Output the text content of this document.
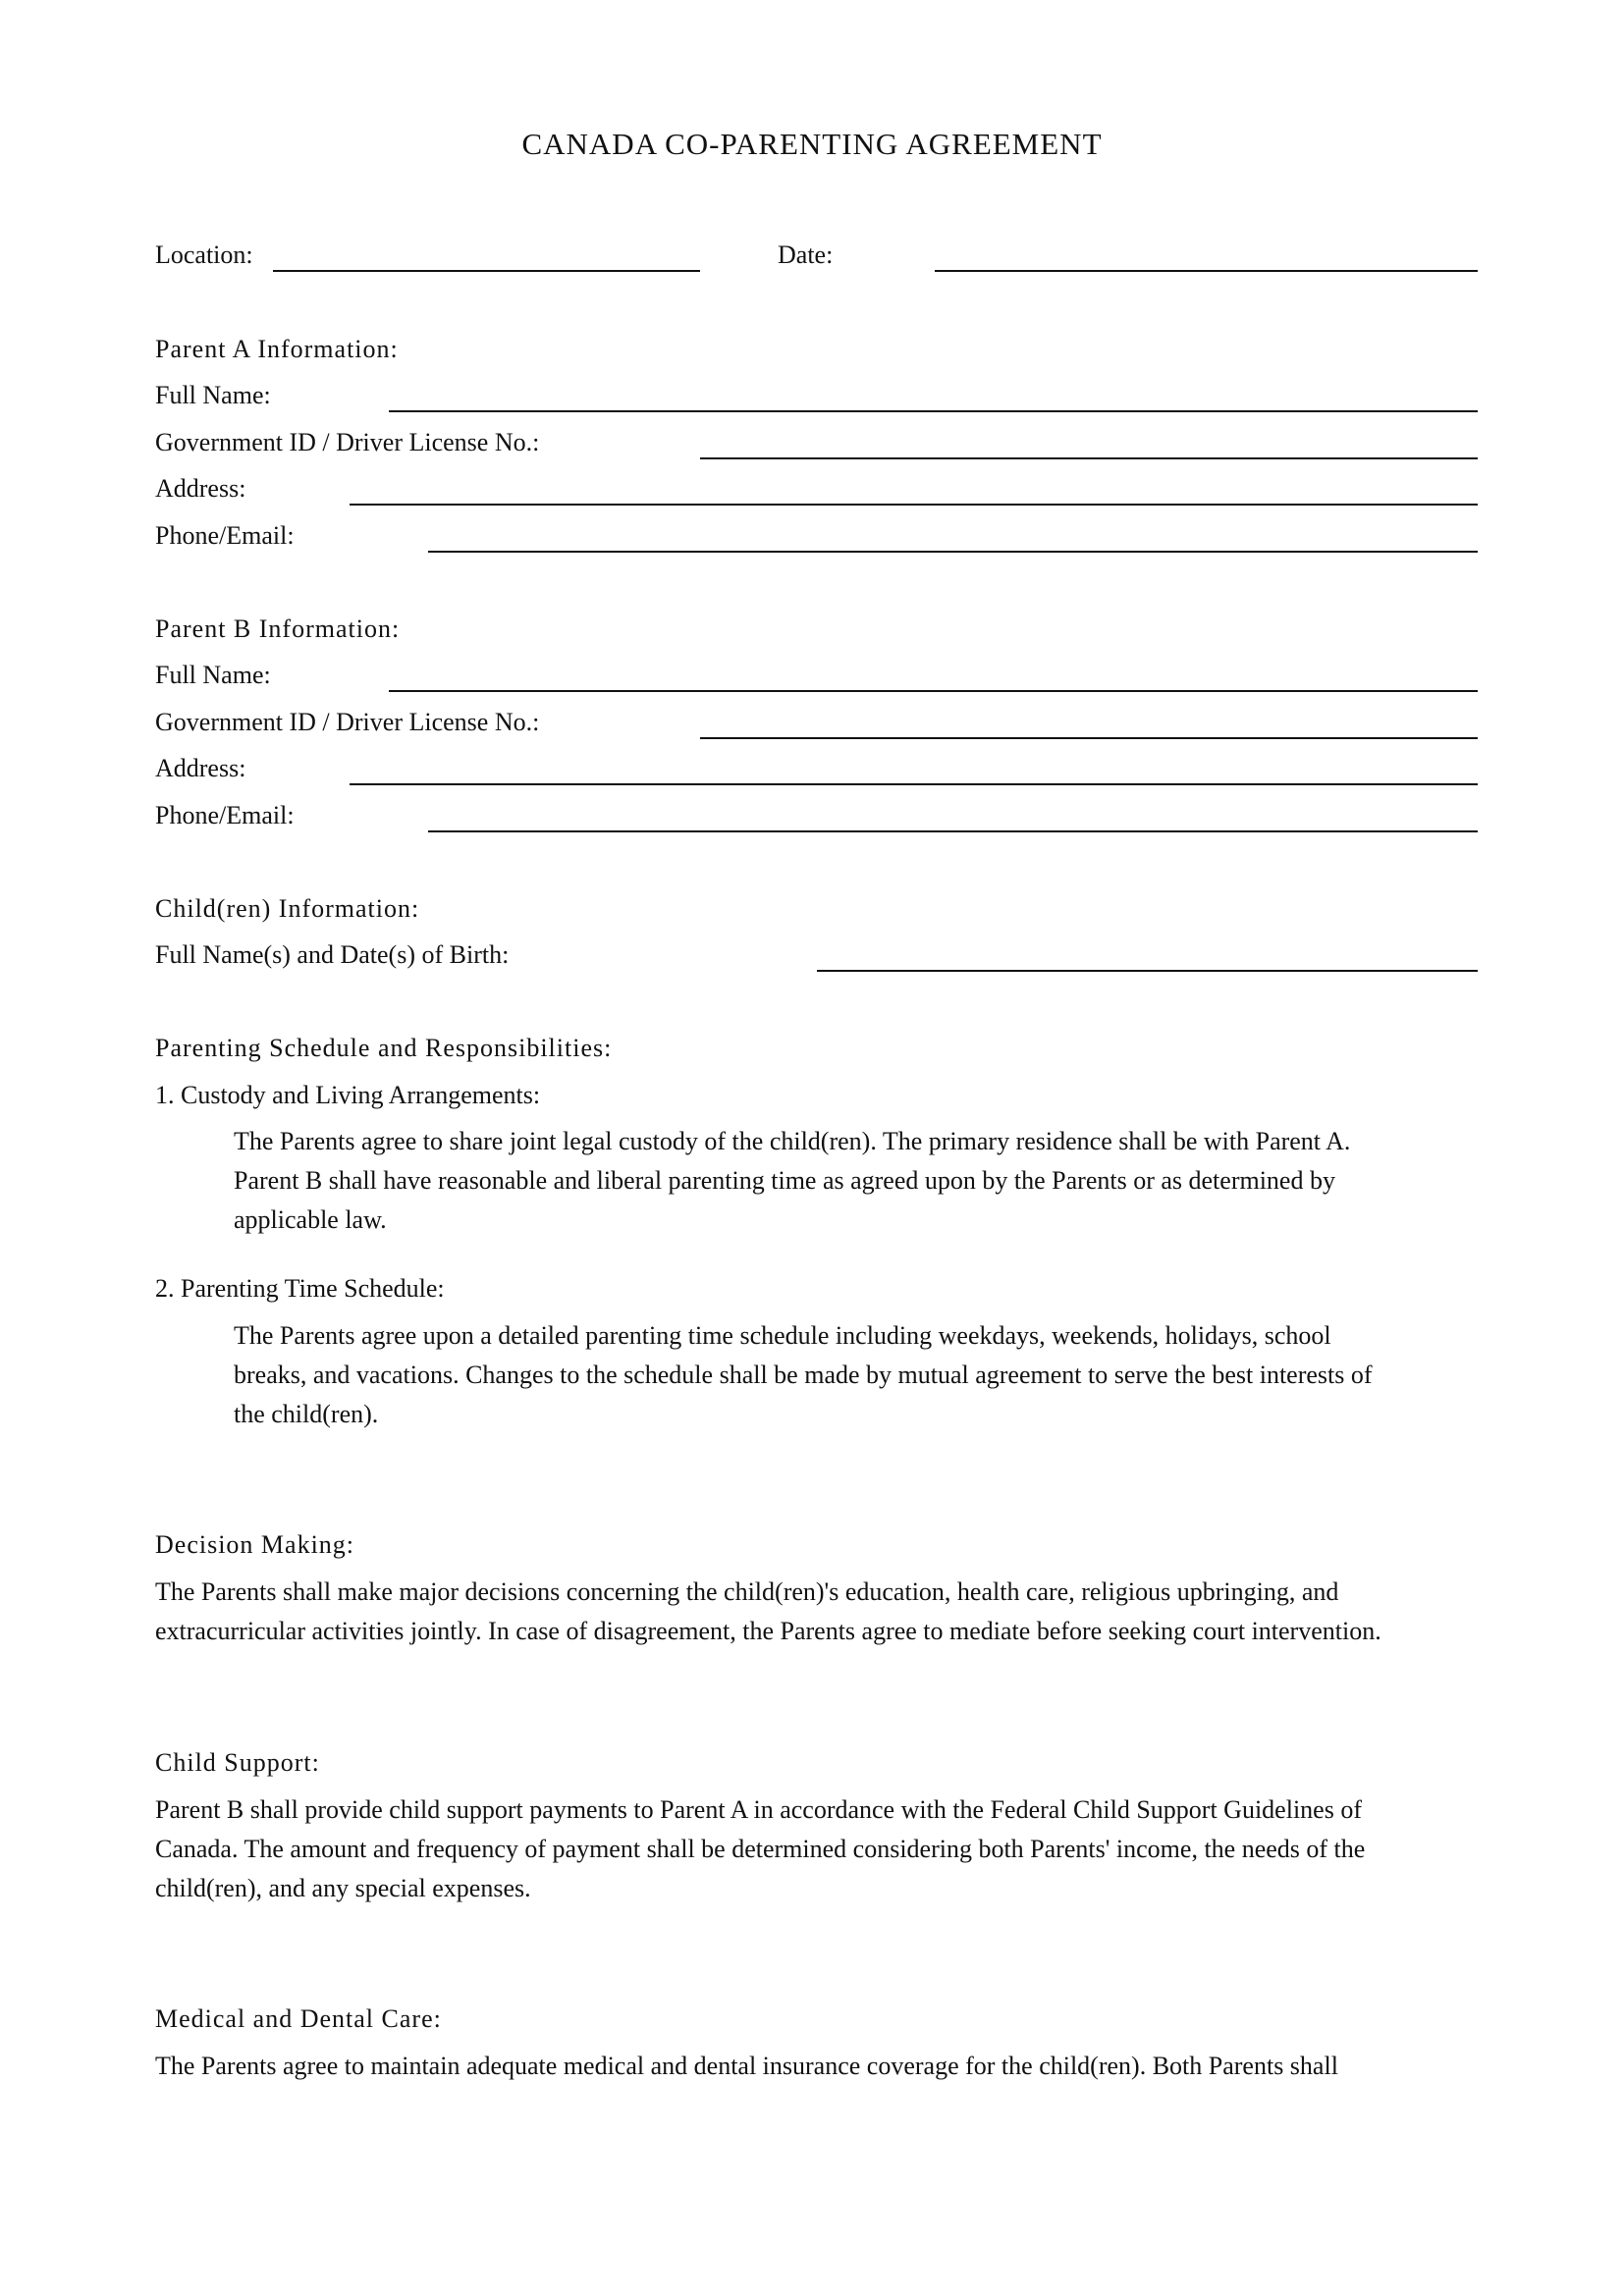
CANADA CO-PARENTING AGREEMENT
Location:	Date:
Parent A Information:
Full Name:
Government ID / Driver License No.:
Address:
Phone/Email:
Parent B Information:
Full Name:
Government ID / Driver License No.:
Address:
Phone/Email:
Child(ren) Information:
Full Name(s) and Date(s) of Birth:
Parenting Schedule and Responsibilities:
1. Custody and Living Arrangements:
The Parents agree to share joint legal custody of the child(ren). The primary residence shall be with Parent A.
Parent B shall have reasonable and liberal parenting time as agreed upon by the Parents or as determined by
applicable law.
2. Parenting Time Schedule:
The Parents agree upon a detailed parenting time schedule including weekdays, weekends, holidays, school
breaks, and vacations. Changes to the schedule shall be made by mutual agreement to serve the best interests of
the child(ren).
Decision Making:
The Parents shall make major decisions concerning the child(ren)'s education, health care, religious upbringing, and
extracurricular activities jointly. In case of disagreement, the Parents agree to mediate before seeking court intervention.
Child Support:
Parent B shall provide child support payments to Parent A in accordance with the Federal Child Support Guidelines of
Canada. The amount and frequency of payment shall be determined considering both Parents' income, the needs of the
child(ren), and any special expenses.
Medical and Dental Care:
The Parents agree to maintain adequate medical and dental insurance coverage for the child(ren). Both Parents shall
